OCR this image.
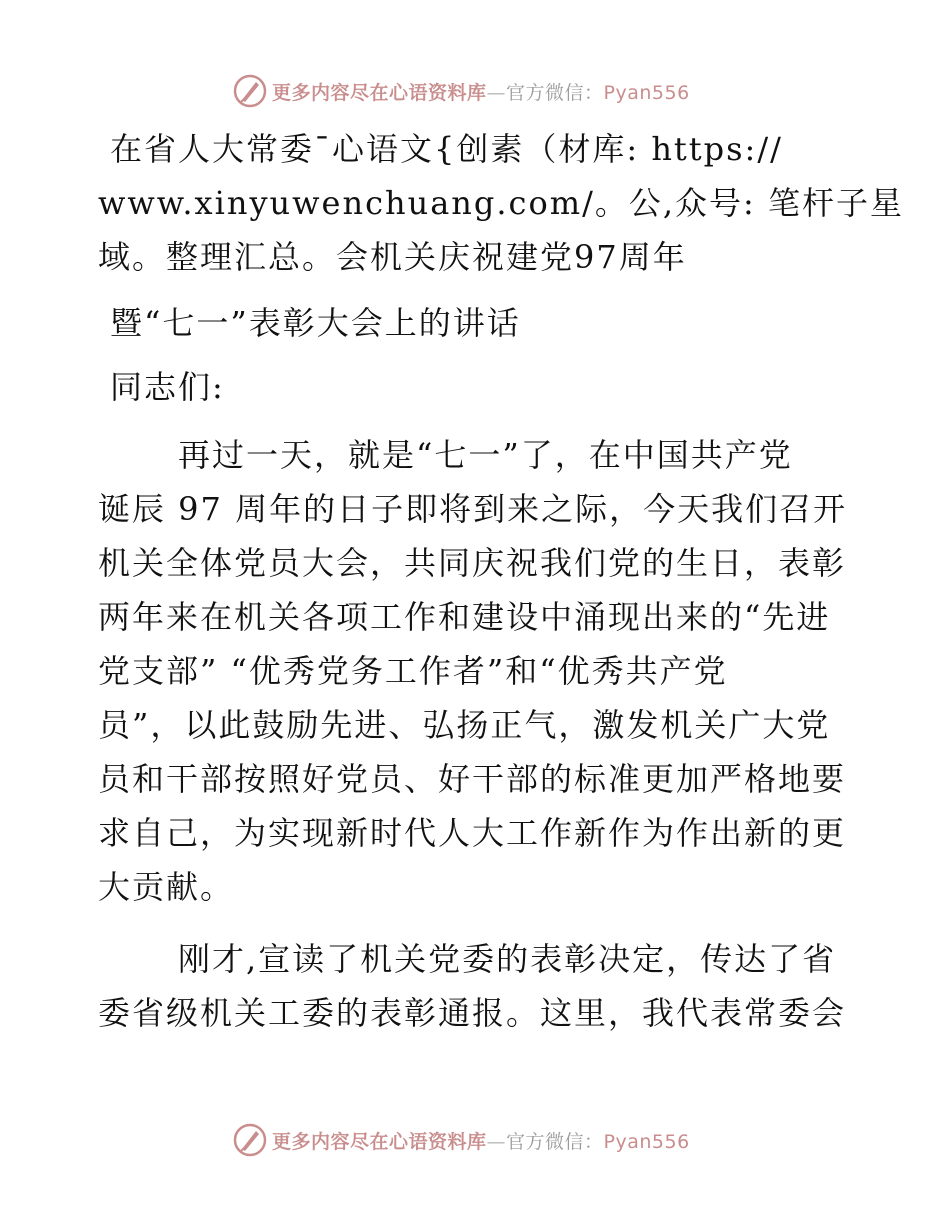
更多内容尽在心语资料库—官方微信：Pyan556

在省人大常委¯心语文{创素（材库: https://

www.xinyuwenchuang.com/。公,众号: 笔杆子星

域。整理汇总。会机关庆祝建党97周年

暨“七一”表彰大会上的讲话

同志们:

再过一天，就是“七一”了，在中国共产党

诞辰 97 周年的日子即将到来之际，今天我们召开

机关全体党员大会，共同庆祝我们党的生日，表彰

两年来在机关各项工作和建设中涌现出来的“先进

党支部” “优秀党务工作者”和“优秀共产党

员”，以此鼓励先进、弘扬正气，激发机关广大党

员和干部按照好党员、好干部的标准更加严格地要

求自己，为实现新时代人大工作新作为作出新的更

大贡献。

刚才,宣读了机关党委的表彰决定，传达了省

委省级机关工委的表彰通报。这里，我代表常委会

更多内容尽在心语资料库—官方微信：Pyan556
